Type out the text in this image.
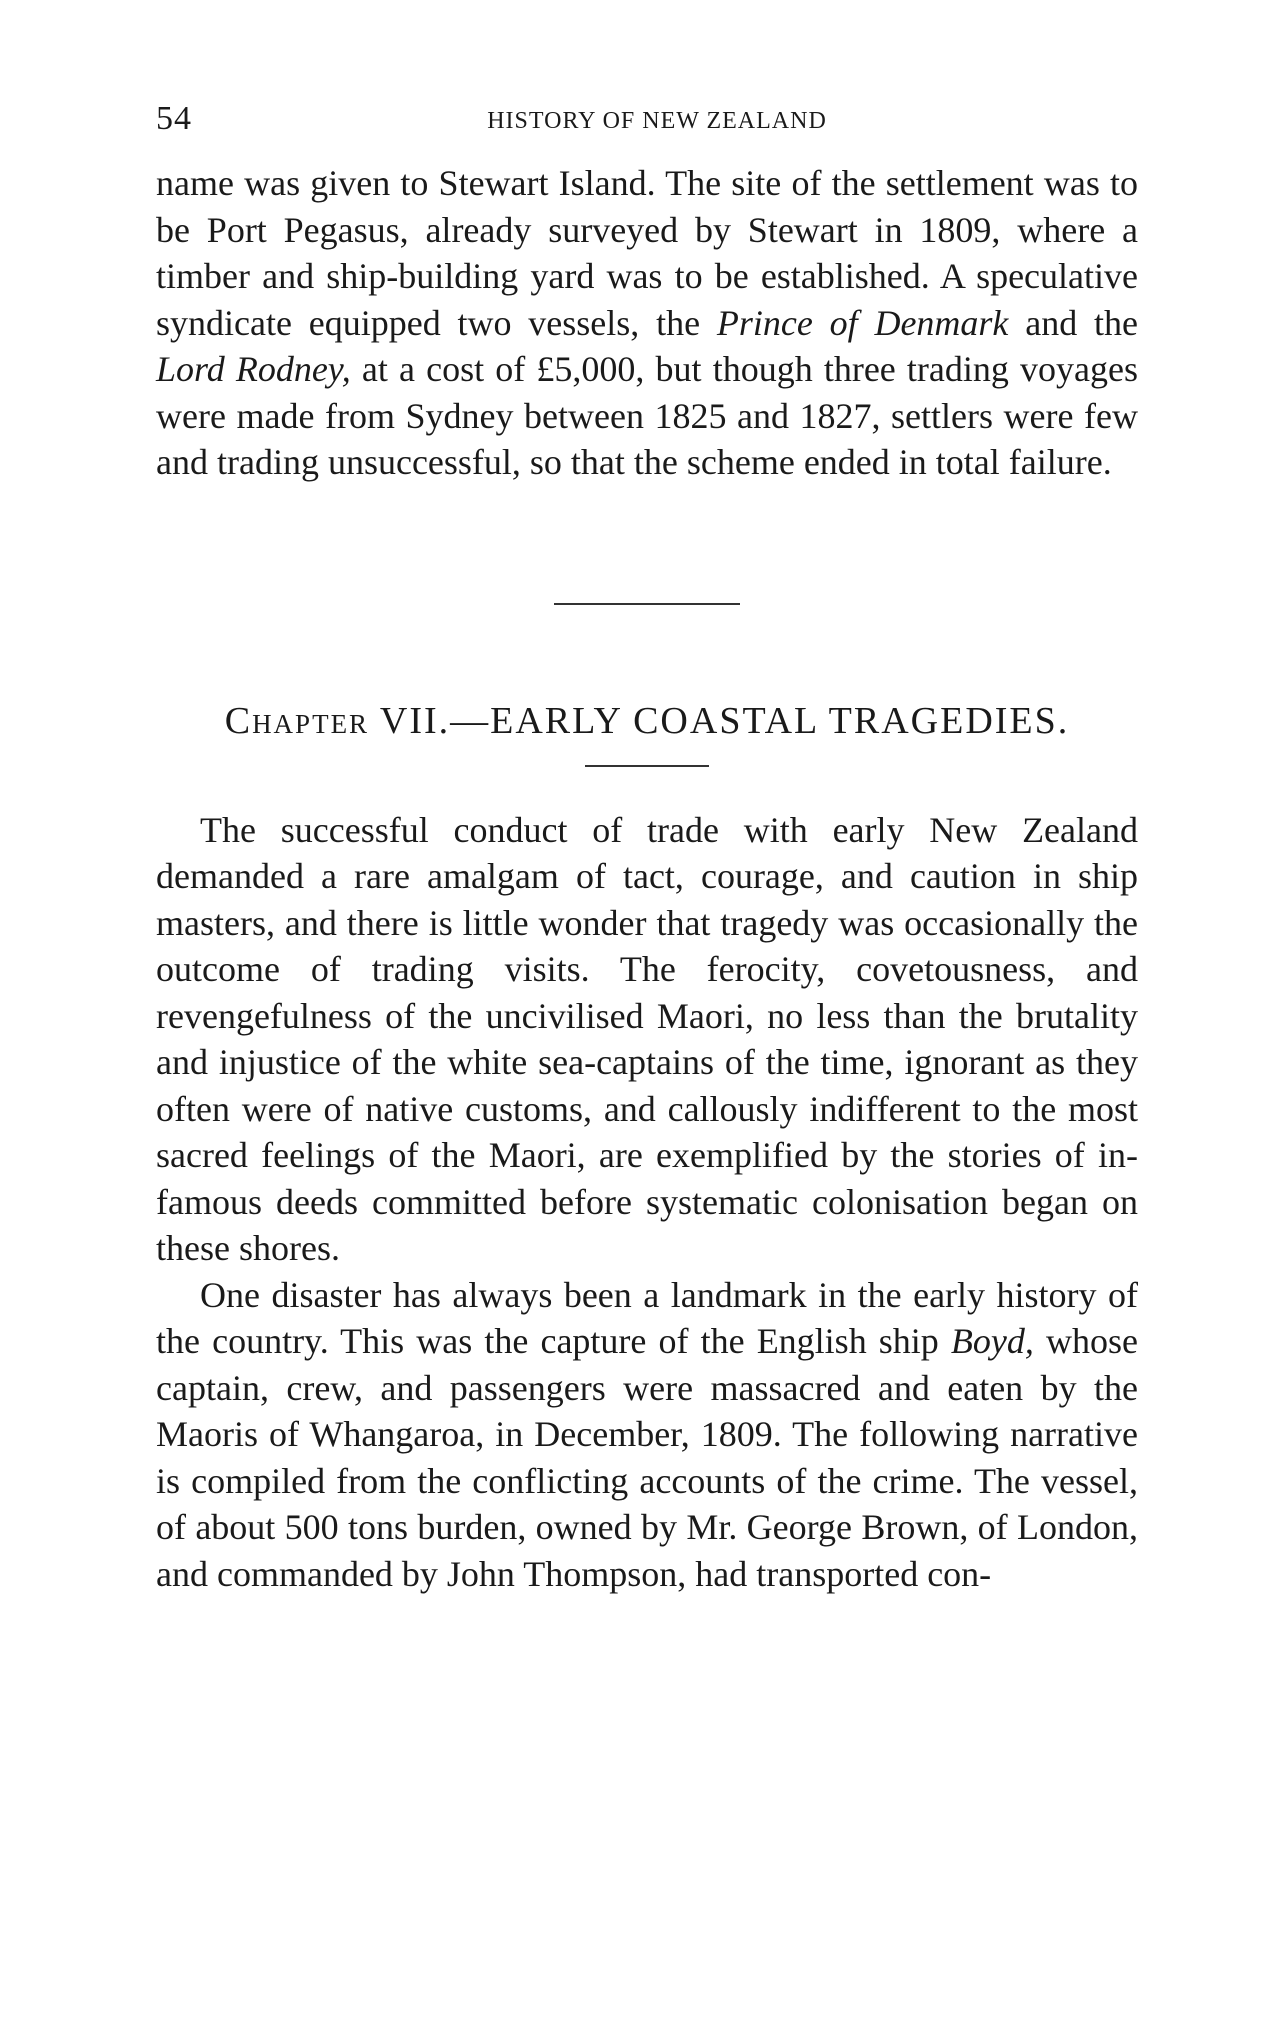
54	HISTORY OF NEW ZEALAND

name was given to Stewart Island. The site of the settlement was to be Port Pegasus, already surveyed by Stewart in 1809, where a timber and ship-building yard was to be established. A speculative syndicate equipped two vessels, the Prince of Denmark and the Lord Rodney, at a cost of £5,000, but though three trading voyages were made from Sydney between 1825 and 1827, settlers were few and trading unsuccessful, so that the scheme ended in total failure.

CHAPTER VII.—EARLY COASTAL TRAGEDIES.

The successful conduct of trade with early New Zealand demanded a rare amalgam of tact, courage, and caution in ship masters, and there is little wonder that tragedy was occasionally the outcome of trading visits. The ferocity, covetousness, and revengefulness of the uncivilised Maori, no less than the brutality and injustice of the white sea-captains of the time, ignorant as they often were of native customs, and callously indifferent to the most sacred feelings of the Maori, are exemplified by the stories of infamous deeds committed before systematic colonisation began on these shores.

One disaster has always been a landmark in the early history of the country. This was the capture of the English ship Boyd, whose captain, crew, and passengers were massacred and eaten by the Maoris of Whangaroa, in December, 1809. The following narrative is compiled from the conflicting accounts of the crime. The vessel, of about 500 tons burden, owned by Mr. George Brown, of London, and commanded by John Thompson, had transported con-
